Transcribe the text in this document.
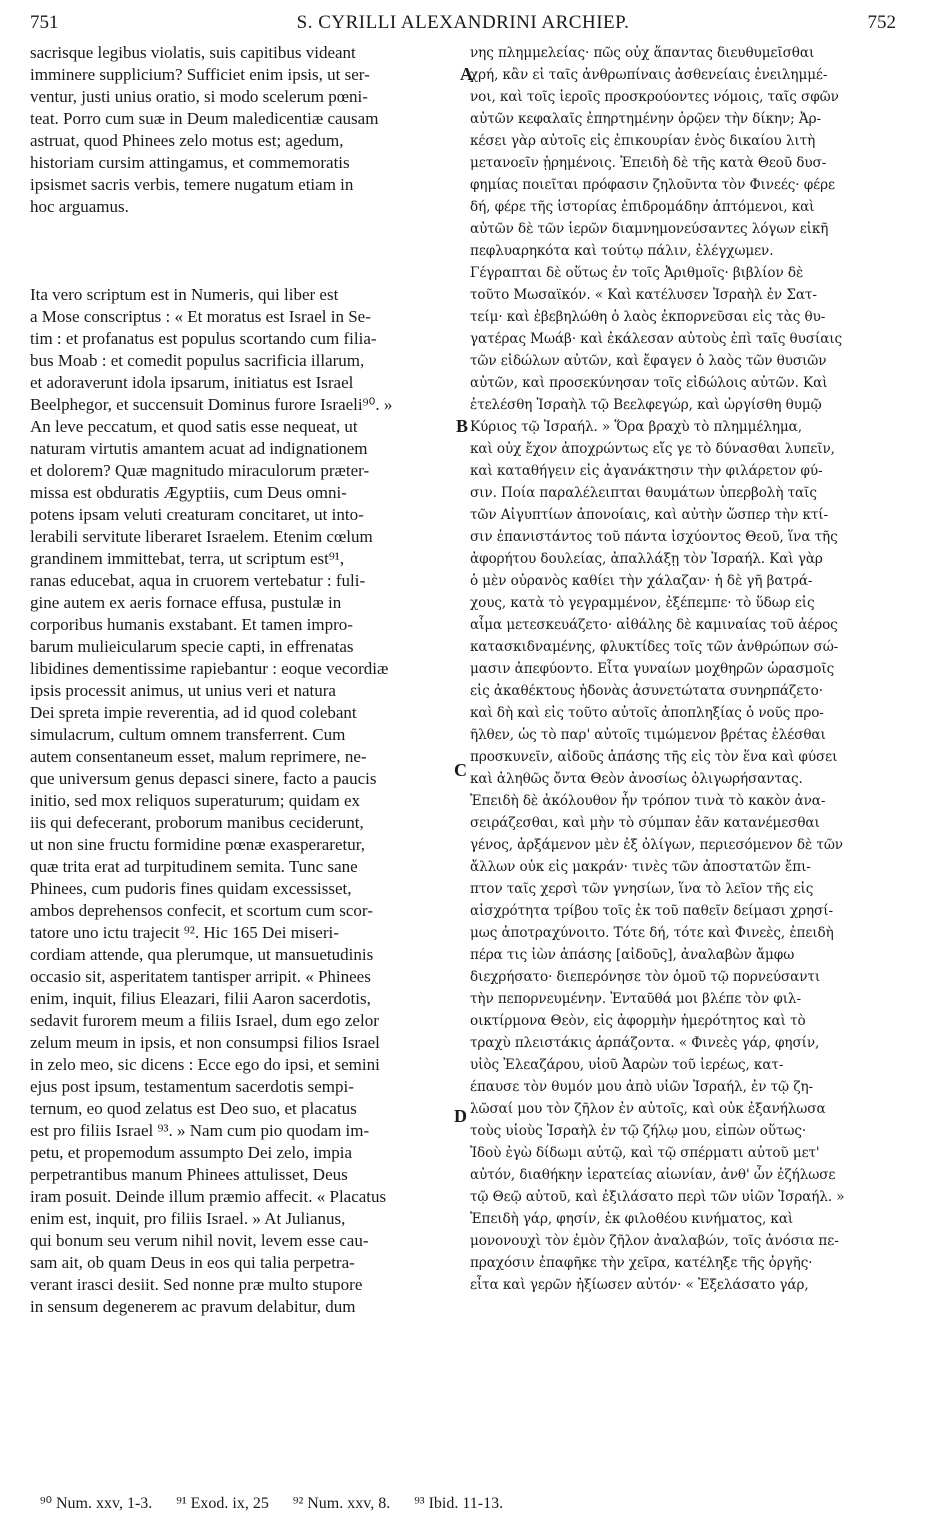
751	S. CYRILLI ALEXANDRINI ARCHIEP.	752
sacrisque legibus violatis, suis capitibus videant
imminere supplicium? Sufficiet enim ipsis, ut ser-
ventur, justi unius oratio, si modo scelerum pœni-
teat. Porro cum suæ in Deum maledicentiæ causam
astruat, quod Phinees zelo motus est; agedum,
historiam cursim attingamus, et commemoratis
ipsismet sacris verbis, temere nugatum etiam in
hoc arguamus.
Ita vero scriptum est in Numeris, qui liber est
a Mose conscriptus : « Et moratus est Israel in Se-
tim : et profanatus est populus scortando cum filia-
bus Moab : et comedit populus sacrificia illarum,
et adoraverunt idola ipsarum, initiatus est Israel
Beelphegor, et succensuit Dominus furore Israeli⁹⁰. »
An leve peccatum, et quod satis esse nequeat, ut
naturam virtutis amantem acuat ad indignationem
et dolorem? Quæ magnitudo miraculorum præter-
missa est obduratis Ægyptiis, cum Deus omni-
potens ipsam veluti creaturam concitaret, ut into-
lerabili servitute liberaret Israelem. Etenim cœlum
grandinem immittebat, terra, ut scriptum est⁹¹,
ranas educebat, aqua in cruorem vertebatur : fuli-
gine autem ex aeris fornace effusa, pustulæ in
corporibus humanis exstabant. Et tamen impro-
barum mulieicularum specie capti, in effrenatas
libidines dementissime rapiebantur : eoque vecordiæ
ipsis processit animus, ut unius veri et natura
Dei spreta impie reverentia, ad id quod colebant
simulacrum, cultum omnem transferrent. Cum
autem consentaneum esset, malum reprimere, ne-
que universum genus depasci sinere, facto a paucis
initio, sed mox reliquos superaturum; quidam ex
iis qui defecerant, proborum manibus ceciderunt,
ut non sine fructu formidine pœnæ exasperaretur,
quæ trita erat ad turpitudinem semita. Tunc sane
Phinees, cum pudoris fines quidam excessisset,
ambos deprehensos confecit, et scortum cum scor-
tatore uno ictu trajecit ⁹². Hic 165 Dei miseri-
cordiam attende, qua plerumque, ut mansuetudinis
occasio sit, asperitatem tantisper arripit. « Phinees
enim, inquit, filius Eleazari, filii Aaron sacerdotis,
sedavit furorem meum a filiis Israel, dum ego zelor
zelum meum in ipsis, et non consumpsi filios Israel
in zelo meo, sic dicens : Ecce ego do ipsi, et semini
ejus post ipsum, testamentum sacerdotis sempi-
ternum, eo quod zelatus est Deo suo, et placatus
est pro filiis Israel ⁹³. » Nam cum pio quodam im-
petu, et propemodum assumpto Dei zelo, impia
perpetrantibus manum Phinees attulisset, Deus
iram posuit. Deinde illum præmio affecit. « Placatus
enim est, inquit, pro filiis Israel. » At Julianus,
qui bonum seu verum nihil novit, levem esse cau-
sam ait, ob quam Deus in eos qui talia perpetra-
verant irasci desiit. Sed nonne præ multo stupore
in sensum degenerem ac pravum delabitur, dum
νης πλημμελείας· πῶς οὐχ ἅπαντας διευθυμεῖσθαι
χρή, κἂν εἰ ταῖς ἀνθρωπίναις ἀσθενείαις ἐνειλημμέ-
νοι, καὶ τοῖς ἱεροῖς προσκρούοντες νόμοις, ταῖς σφῶν
αὐτῶν κεφαλαῖς ἐπηρτημένην ὁρῷεν τὴν δίκην; Ἀρ-
κέσει γὰρ αὐτοῖς εἰς ἐπικουρίαν ἑνὸς δικαίου λιτὴ
μετανοεῖν ᾑρημένοις. Ἐπειδὴ δὲ τῆς κατὰ Θεοῦ δυσ-
φημίας ποιεῖται πρόφασιν ζηλοῦντα τὸν Φινεές· φέρε
δή, φέρε τῆς ἱστορίας ἐπιδρομάδην ἁπτόμενοι, καὶ
αὐτῶν δὲ τῶν ἱερῶν διαμνημονεύσαντες λόγων εἰκῆ
πεφλυαρηκότα καὶ τούτῳ πάλιν, ἐλέγχωμεν.
Γέγραπται δὲ οὕτως ἐν τοῖς Ἀριθμοῖς· βιβλίον δὲ
τοῦτο Μωσαϊκόν. « Καὶ κατέλυσεν Ἰσραὴλ ἐν Σατ-
τείμ· καὶ ἐβεβηλώθη ὁ λαὸς ἐκπορνεῦσαι εἰς τὰς θυ-
γατέρας Μωάβ· καὶ ἐκάλεσαν αὐτοὺς ἐπὶ ταῖς θυσίαις
τῶν εἰδώλων αὐτῶν, καὶ ἔφαγεν ὁ λαὸς τῶν θυσιῶν
αὐτῶν, καὶ προσεκύνησαν τοῖς εἰδώλοις αὐτῶν. Καὶ
ἐτελέσθη Ἰσραὴλ τῷ Βεελφεγώρ, καὶ ὠργίσθη θυμῷ
Κύριος τῷ Ἰσραήλ. » Ὅρα βραχὺ τὸ πλημμέλημα,
καὶ οὐχ ἔχον ἀποχρώντως εἴς γε τὸ δύνασθαι λυπεῖν,
καὶ καταθήγειν εἰς ἀγανάκτησιν τὴν φιλάρετον φύ-
σιν. Ποία παραλέλειπται θαυμάτων ὑπερβολὴ ταῖς
τῶν Αἰγυπτίων ἀπονοίαις, καὶ αὐτὴν ὥσπερ τὴν κτί-
σιν ἐπανιστάντος τοῦ πάντα ἰσχύοντος Θεοῦ, ἵνα τῆς
ἀφορήτου δουλείας, ἀπαλλάξῃ τὸν Ἰσραήλ. Καὶ γὰρ
ὁ μὲν οὐρανὸς καθίει τὴν χάλαζαν· ἡ δὲ γῆ βατρά-
χους, κατὰ τὸ γεγραμμένον, ἐξέπεμπε· τὸ ὕδωρ εἰς
αἷμα μετεσκευάζετο· αἰθάλης δὲ καμιναίας τοῦ ἀέρος
κατασκιδναμένης, φλυκτίδες τοῖς τῶν ἀνθρώπων σώ-
μασιν ἀπεφύοντο. Εἶτα γυναίων μοχθηρῶν ὡρασμοῖς
εἰς ἀκαθέκτους ἡδονὰς ἀσυνετώτατα συνηρπάζετο·
καὶ δὴ καὶ εἰς τοῦτο αὐτοῖς ἀποπληξίας ὁ νοῦς προ-
ῆλθεν, ὡς τὸ παρ' αὐτοῖς τιμώμενον βρέτας ἑλέσθαι
προσκυνεῖν, αἰδοῦς ἁπάσης τῆς εἰς τὸν ἕνα καὶ φύσει
καὶ ἀληθῶς ὄντα Θεὸν ἀνοσίως ὀλιγωρήσαντας.
Ἐπειδὴ δὲ ἀκόλουθον ἦν τρόπον τινὰ τὸ κακὸν ἀνα-
σειράζεσθαι, καὶ μὴν τὸ σύμπαν ἐᾶν κατανέμεσθαι
γένος, ἀρξάμενον μὲν ἐξ ὀλίγων, περιεσόμενον δὲ τῶν
ἄλλων οὐκ εἰς μακράν· τινὲς τῶν ἀποστατῶν ἔπι-
πτον ταῖς χερσὶ τῶν γνησίων, ἵνα τὸ λεῖον τῆς εἰς
αἰσχρότητα τρίβου τοῖς ἐκ τοῦ παθεῖν δείμασι χρησί-
μως ἀποτραχύνοιτο. Τότε δή, τότε καὶ Φινεὲς, ἐπειδὴ
πέρα τις ἰὼν ἁπάσης [αἰδοῦς], ἀναλαβὼν ἄμφω
διεχρήσατο· διεπερόνησε τὸν ὁμοῦ τῷ πορνεύσαντι
τὴν πεπορνευμένην. Ἐνταῦθά μοι βλέπε τὸν φιλ-
οικτίρμονα Θεὸν, εἰς ἀφορμὴν ἡμερότητος καὶ τὸ
τραχὺ πλειστάκις ἁρπάζοντα. « Φινεὲς γάρ, φησίν,
υἱὸς Ἐλεαζάρου, υἱοῦ Ἀαρὼν τοῦ ἱερέως, κατ-
έπαυσε τὸν θυμόν μου ἀπὸ υἱῶν Ἰσραήλ, ἐν τῷ ζη-
λῶσαί μου τὸν ζῆλον ἐν αὐτοῖς, καὶ οὐκ ἐξανήλωσα
τοὺς υἱοὺς Ἰσραὴλ ἐν τῷ ζήλῳ μου, εἰπὼν οὕτως·
Ἰδοὺ ἐγὼ δίδωμι αὐτῷ, καὶ τῷ σπέρματι αὐτοῦ μετ'
αὐτόν, διαθήκην ἱερατείας αἰωνίαν, ἀνθ' ὧν ἐζήλωσε
τῷ Θεῷ αὐτοῦ, καὶ ἐξιλάσατο περὶ τῶν υἱῶν Ἰσραήλ. »
Ἐπειδὴ γάρ, φησίν, ἐκ φιλοθέου κινήματος, καὶ
μονονουχὶ τὸν ἐμὸν ζῆλον ἀναλαβών, τοῖς ἀνόσια πε-
πραχόσιν ἐπαφῆκε τὴν χεῖρα, κατέληξε τῆς ὀργῆς·
εἶτα καὶ γερῶν ἠξίωσεν αὐτόν· « Ἐξελάσατο γάρ,
A
B
C
D
⁹⁰ Num. xxv, 1-3. ⁹¹ Exod. ix, 25 ⁹² Num. xxv, 8. ⁹³ Ibid. 11-13.
